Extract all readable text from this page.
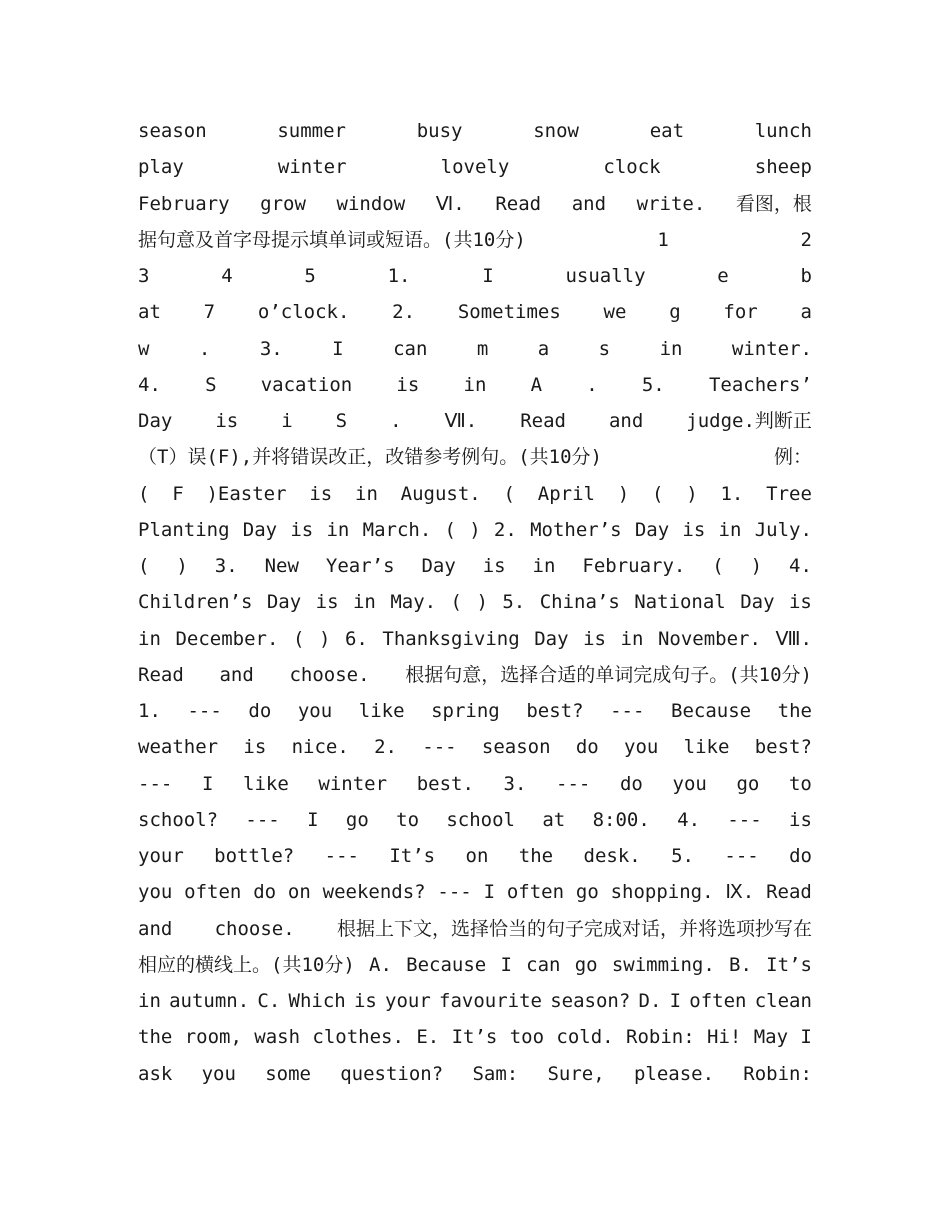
season	summer	busy	snow	eat	lunch
play	winter	lovely	clock	sheep
February grow window Ⅵ. Read and write. 看图，根
据句意及首字母提示填单词或短语。(共10分)	1	2
3	4	5	1.	I	usually	e	b
at 7 o’clock. 2. Sometimes we g for a
w	.	3.	I	can	m	a	s	in	winter.
4. S vacation is in A . 5. Teachers’
Day is i S . Ⅶ. Read and judge.判断正
（T）误(F),并将错误改正，改错参考例句。(共10分)	例：
( F )Easter is in August. ( April ) ( ) 1. Tree
Planting Day is in March. ( ) 2. Mother’s Day is in July.
( ) 3. New Year’s Day is in February. ( ) 4.
Children’s Day is in May. ( ) 5. China’s National Day is
in December. ( ) 6. Thanksgiving Day is in November. Ⅷ.
Read and choose. 根据句意，选择合适的单词完成句子。(共10分)
1. --- do you like spring best? --- Because the
weather is nice. 2. --- season do you like best?
--- I like winter best. 3. --- do you go to
school? --- I go to school at 8:00. 4. --- is
your bottle? --- It’s on the desk. 5. --- do
you often do on weekends? --- I often go shopping. Ⅸ. Read
and choose. 根据上下文，选择恰当的句子完成对话，并将选项抄写在
相应的横线上。(共10分) A. Because I can go swimming. B. It’s
in autumn. C. Which is your favourite season? D. I often clean
the room, wash clothes. E. It’s too cold. Robin: Hi! May I
ask you some question? Sam: Sure, please. Robin:
